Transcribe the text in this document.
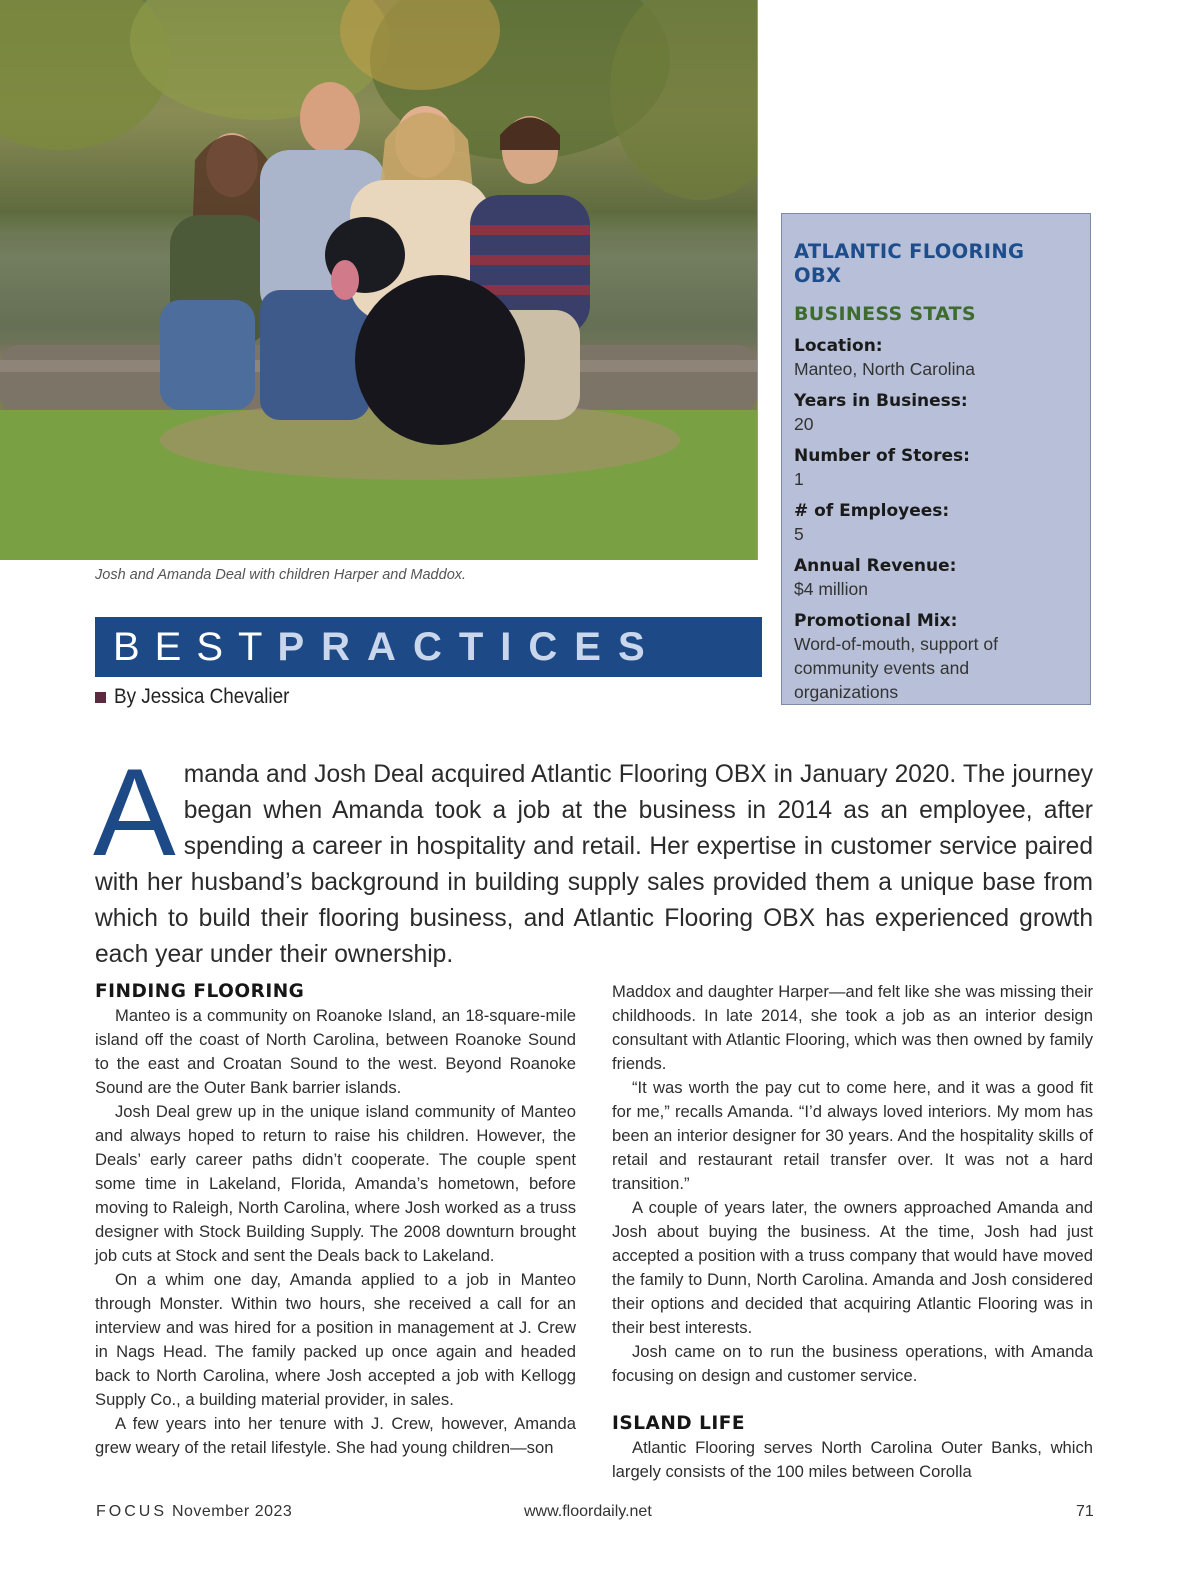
Josh and Amanda Deal with children Harper and Maddox.
ATLANTIC FLOORING OBX
BUSINESS STATS
Location:
Manteo, North Carolina
Years in Business:
20
Number of Stores:
1
# of Employees:
5
Annual Revenue:
$4 million
Promotional Mix:
Word-of-mouth, support of community events and organizations
BEST PRACTICES
By Jessica Chevalier
A manda and Josh Deal acquired Atlantic Flooring OBX in January 2020. The journey began when Amanda took a job at the business in 2014 as an employee, after spending a career in hospitality and retail. Her expertise in customer service paired with her husband’s background in building supply sales provided them a unique base from which to build their flooring business, and Atlantic Flooring OBX has experienced growth each year under their ownership.
FINDING FLOORING

Manteo is a community on Roanoke Island, an 18-square-mile island off the coast of North Carolina, between Roanoke Sound to the east and Croatan Sound to the west. Beyond Roanoke Sound are the Outer Bank barrier islands.

Josh Deal grew up in the unique island community of Manteo and always hoped to return to raise his children. However, the Deals’ early career paths didn’t cooperate. The couple spent some time in Lakeland, Florida, Amanda’s hometown, before moving to Raleigh, North Carolina, where Josh worked as a truss designer with Stock Building Supply. The 2008 downturn brought job cuts at Stock and sent the Deals back to Lakeland.

On a whim one day, Amanda applied to a job in Manteo through Monster. Within two hours, she received a call for an interview and was hired for a position in management at J. Crew in Nags Head. The family packed up once again and headed back to North Carolina, where Josh accepted a job with Kellogg Supply Co., a building material provider, in sales.

A few years into her tenure with J. Crew, however, Amanda grew weary of the retail lifestyle. She had young children—son

Maddox and daughter Harper—and felt like she was missing their childhoods. In late 2014, she took a job as an interior design consultant with Atlantic Flooring, which was then owned by family friends.

“It was worth the pay cut to come here, and it was a good fit for me,” recalls Amanda. “I’d always loved interiors. My mom has been an interior designer for 30 years. And the hospitality skills of retail and restaurant retail transfer over. It was not a hard transition.”

A couple of years later, the owners approached Amanda and Josh about buying the business. At the time, Josh had just accepted a position with a truss company that would have moved the family to Dunn, North Carolina. Amanda and Josh considered their options and decided that acquiring Atlantic Flooring was in their best interests.

Josh came on to run the business operations, with Amanda focusing on design and customer service.

ISLAND LIFE

Atlantic Flooring serves North Carolina Outer Banks, which largely consists of the 100 miles between Corolla

FOCUS November 2023	www.floordaily.net	71
